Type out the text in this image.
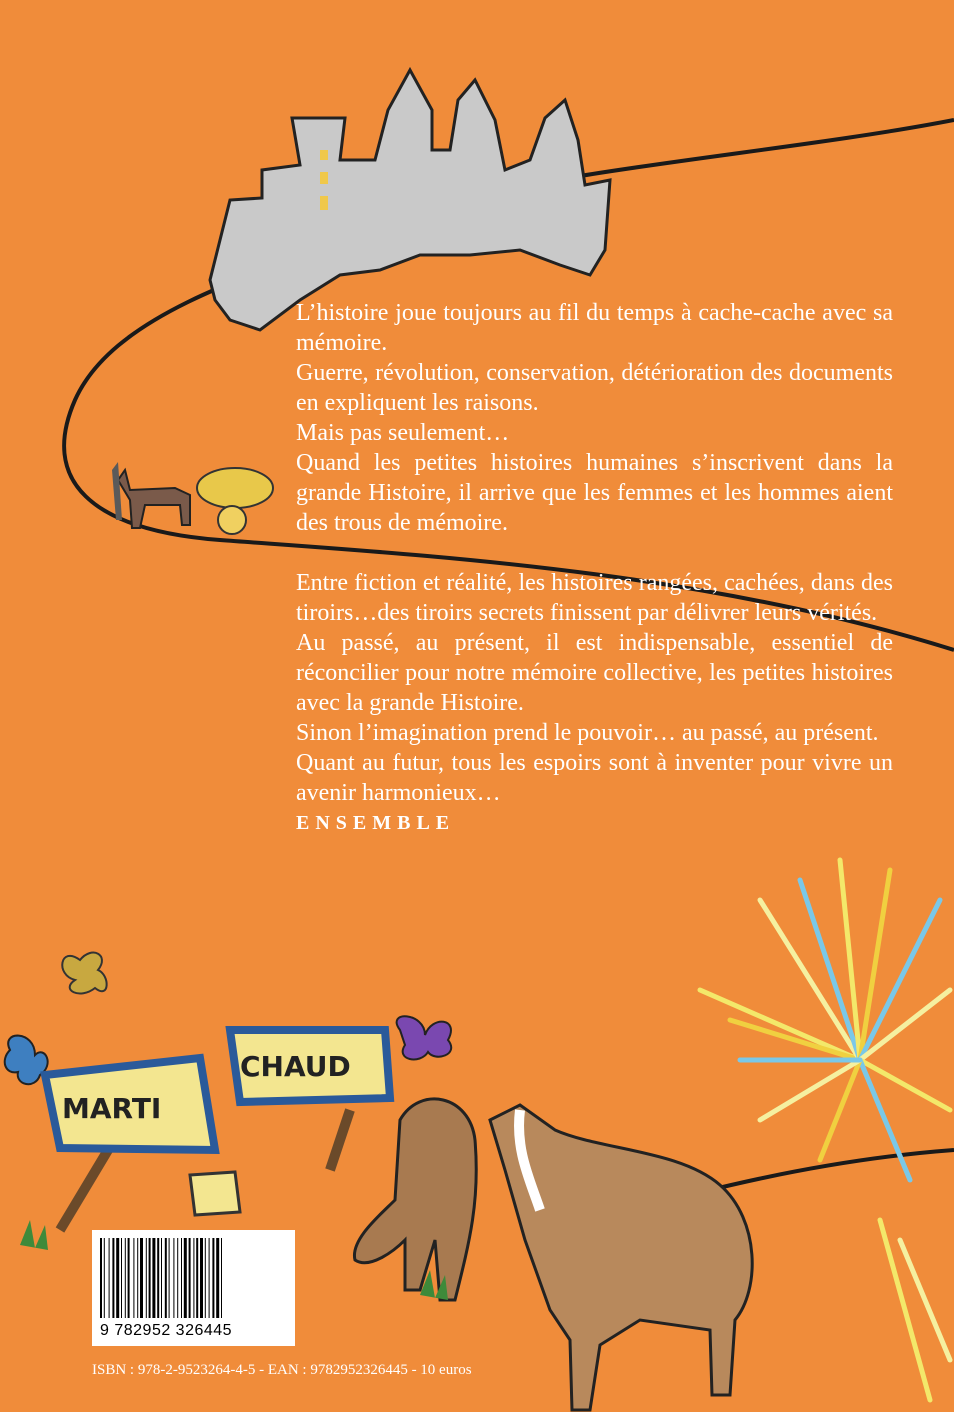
MARTI
CHAUD

L’histoire joue toujours au fil du temps à cache-cache avec sa mémoire.

Guerre, révolution, conservation, détérioration des documents en expliquent les raisons.

Mais pas seulement…

Quand les petites histoires humaines s’inscrivent dans la grande Histoire, il arrive que les femmes et les hommes aient des trous de mémoire.

Entre fiction et réalité, les histoires rangées, cachées, dans des tiroirs…des tiroirs secrets finissent par délivrer leurs vérités.

Au passé, au présent, il est indispensable, essentiel de réconcilier pour notre mémoire collective, les petites histoires avec la grande Histoire.

Sinon l’imagination prend le pouvoir… au passé, au présent.

Quant au futur, tous les espoirs sont à inventer pour vivre un avenir harmonieux…

ENSEMBLE

9 782952 326445
ISBN : 978-2-9523264-4-5 - EAN : 9782952326445 - 10 euros
